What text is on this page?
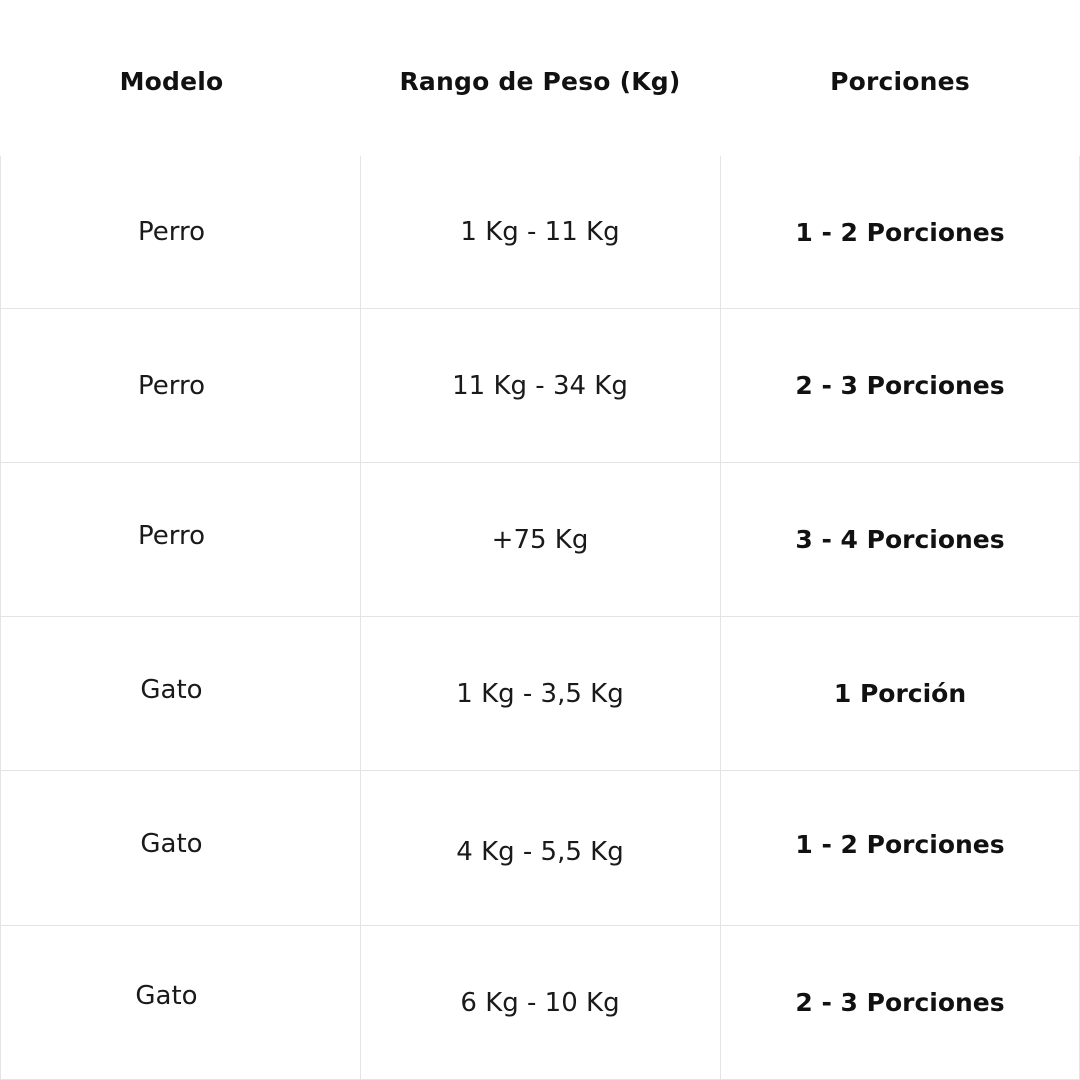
Modelo	Rango de Peso (Kg)	Porciones
Perro	1 Kg - 11 Kg	1 - 2 Porciones
Perro	11 Kg - 34 Kg	2 - 3 Porciones
Perro	+75 Kg	3 - 4 Porciones
Gato	1 Kg - 3,5 Kg	1 Porción
Gato	4 Kg - 5,5 Kg	1 - 2 Porciones
Gato	6 Kg - 10 Kg	2 - 3 Porciones
